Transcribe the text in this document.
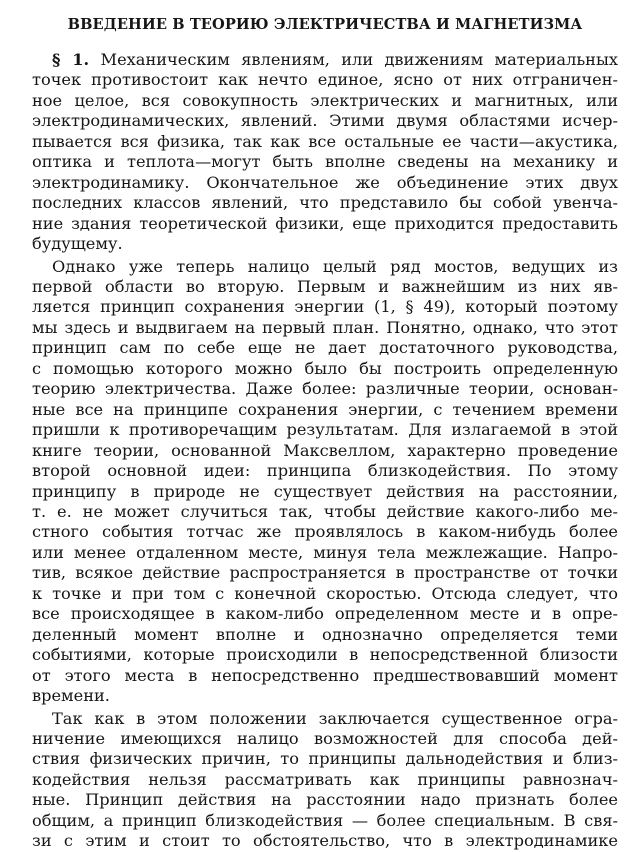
ВВЕДЕНИЕ В ТЕОРИЮ ЭЛЕКТРИЧЕСТВА И МАГНЕТИЗМА
§ 1. Механическим явлениям, или движениям материальных
точек противостоит как нечто единое, ясно от них отграничен-
ное целое, вся совокупность электрических и магнитных, или
электродинамических, явлений. Этими двумя областями исчер-
пывается вся физика, так как все остальные ее части—акустика,
оптика и теплота—могут быть вполне сведены на механику и
электродинамику. Окончательное же объединение этих двух
последних классов явлений, что представило бы собой увенча-
ние здания теоретической физики, еще приходится предоставить
будущему.
Однако уже теперь налицо целый ряд мостов, ведущих из
первой области во вторую. Первым и важнейшим из них яв-
ляется принцип сохранения энергии (1, § 49), который поэтому
мы здесь и выдвигаем на первый план. Понятно, однако, что этот
принцип сам по себе еще не дает достаточного руководства,
с помощью которого можно было бы построить определенную
теорию электричества. Даже более: различные теории, основан-
ные все на принципе сохранения энергии, с течением времени
пришли к противоречащим результатам. Для излагаемой в этой
книге теории, основанной Максвеллом, характерно проведение
второй основной идеи: принципа близкодействия. По этому
принципу в природе не существует действия на расстоянии,
т. е. не может случиться так, чтобы действие какого-либо ме-
стного события тотчас же проявлялось в каком-нибудь более
или менее отдаленном месте, минуя тела межлежащие. Напро-
тив, всякое действие распространяется в пространстве от точки
к точке и при том с конечной скоростью. Отсюда следует, что
все происходящее в каком-либо определенном месте и в опре-
деленный момент вполне и однозначно определяется теми
событиями, которые происходили в непосредственной близости
от этого места в непосредственно предшествовавший момент
времени.
Так как в этом положении заключается существенное огра-
ничение имеющихся налицо возможностей для способа дей-
ствия физических причин, то принципы дальнодействия и близ-
кодействия нельзя рассматривать как принципы равнознач-
ные. Принцип действия на расстоянии надо признать более
общим, а принцип близкодействия — более специальным. В свя-
зи с этим и стоит то обстоятельство, что в электродинамике
